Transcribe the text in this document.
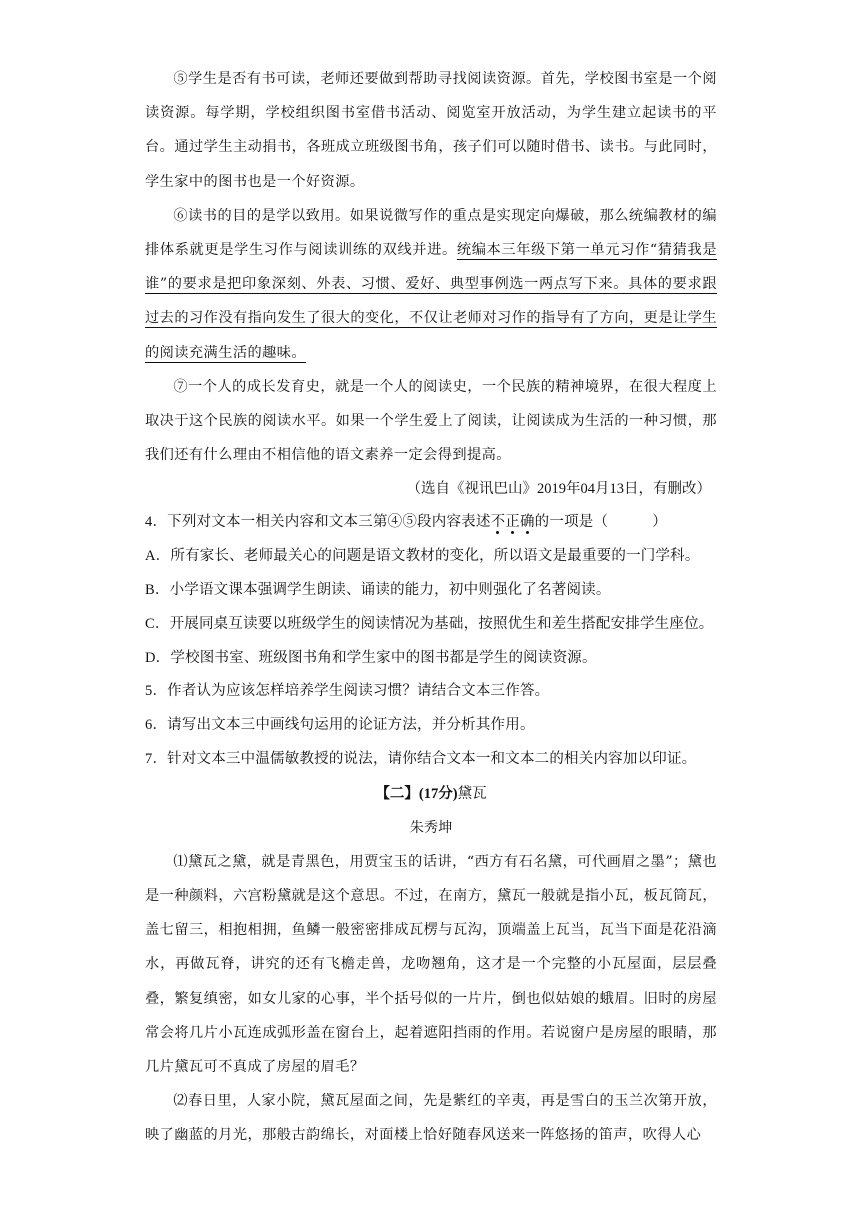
⑤学生是否有书可读，老师还要做到帮助寻找阅读资源。首先，学校图书室是一个阅读资源。每学期，学校组织图书室借书活动、阅览室开放活动，为学生建立起读书的平台。通过学生主动捐书，各班成立班级图书角，孩子们可以随时借书、读书。与此同时，学生家中的图书也是一个好资源。

⑥读书的目的是学以致用。如果说微写作的重点是实现定向爆破，那么统编教材的编排体系就更是学生习作与阅读训练的双线并进。统编本三年级下第一单元习作“猜猜我是谁”的要求是把印象深刻、外表、习惯、爱好、典型事例选一两点写下来。具体的要求跟过去的习作没有指向发生了很大的变化，不仅让老师对习作的指导有了方向，更是让学生的阅读充满生活的趣味。

⑦一个人的成长发育史，就是一个人的阅读史，一个民族的精神境界，在很大程度上取决于这个民族的阅读水平。如果一个学生爱上了阅读，让阅读成为生活的一种习惯，那我们还有什么理由不相信他的语文素养一定会得到提高。

（选自《视讯巴山》2019年04月13日，有删改）

4．下列对文本一相关内容和文本三第④⑤段内容表述不正确的一项是（　　　）

A．所有家长、老师最关心的问题是语文教材的变化，所以语文是最重要的一门学科。

B．小学语文课本强调学生朗读、诵读的能力，初中则强化了名著阅读。

C．开展同桌互读要以班级学生的阅读情况为基础，按照优生和差生搭配安排学生座位。

D．学校图书室、班级图书角和学生家中的图书都是学生的阅读资源。

5．作者认为应该怎样培养学生阅读习惯？请结合文本三作答。

6．请写出文本三中画线句运用的论证方法，并分析其作用。

7．针对文本三中温儒敏教授的说法，请你结合文本一和文本二的相关内容加以印证。

【二】(17分)黛瓦

朱秀坤

⑴黛瓦之黛，就是青黑色，用贾宝玉的话讲，“西方有石名黛，可代画眉之墨”；黛也是一种颜料，六宫粉黛就是这个意思。不过，在南方，黛瓦一般就是指小瓦，板瓦筒瓦，盖七留三，相抱相拥，鱼鳞一般密密排成瓦楞与瓦沟，顶端盖上瓦当，瓦当下面是花沿滴水，再做瓦脊，讲究的还有飞檐走兽，龙吻翘角，这才是一个完整的小瓦屋面，层层叠叠，繁复缜密，如女儿家的心事，半个括号似的一片片，倒也似姑娘的蛾眉。旧时的房屋常会将几片小瓦连成弧形盖在窗台上，起着遮阳挡雨的作用。若说窗户是房屋的眼睛，那几片黛瓦可不真成了房屋的眉毛？

⑵春日里，人家小院，黛瓦屋面之间，先是紫红的辛夷，再是雪白的玉兰次第开放，映了幽蓝的月光，那般古韵绵长，对面楼上恰好随春风送来一阵悠扬的笛声，吹得人心
